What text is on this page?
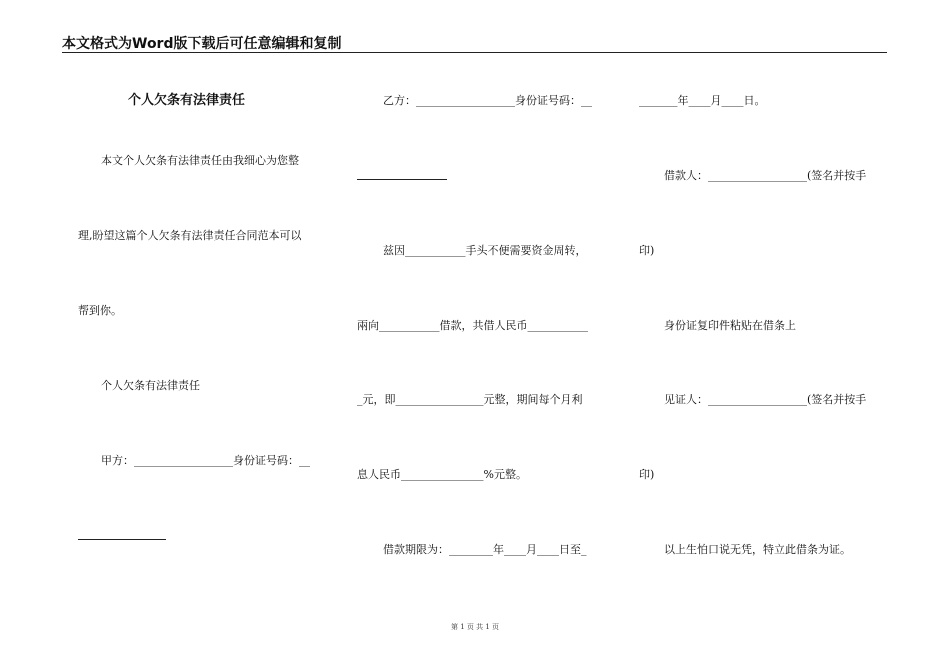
本文格式为Word版下载后可任意编辑和复制
个人欠条有法律责任
本文个人欠条有法律责任由我细心为您整
理,盼望这篇个人欠条有法律责任合同范本可以
帮到你。
个人欠条有法律责任
甲方：__________________身份证号码：__
乙方：__________________身份证号码：__
兹因___________手头不便需要资金周转，
兩向___________借款，共借人民币___________
_元，即________________元整，期间每个月利
息人民币_______________%元整。
借款期限为：________年____月____日至_
_______年____月____日。
借款人：__________________(签名并按手
印)
身份证复印件粘贴在借条上
见证人：__________________(签名并按手
印)
以上生怕口说无凭，特立此借条为证。
第 1 页 共 1 页
